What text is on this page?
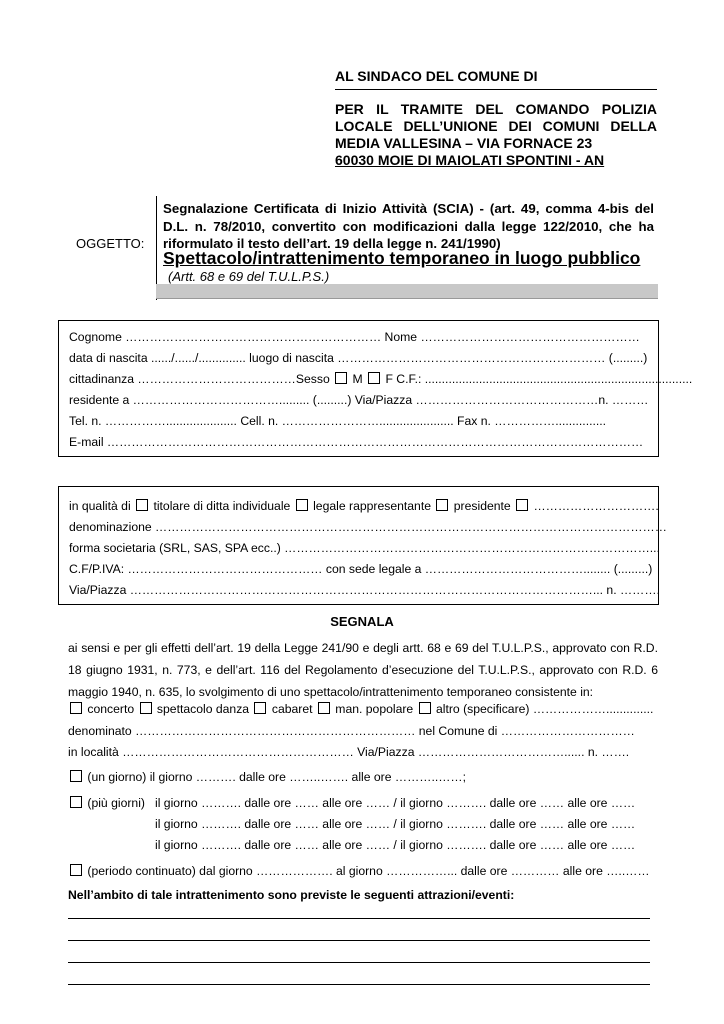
AL SINDACO DEL COMUNE DI
PER IL TRAMITE DEL COMANDO POLIZIA
LOCALE DELL’UNIONE DEI COMUNI DELLA
MEDIA VALLESINA – VIA FORNACE 23
60030 MOIE DI MAIOLATI SPONTINI - AN
OGGETTO:
Segnalazione Certificata di Inizio Attività (SCIA) - (art. 49, comma 4-bis del
D.L. n. 78/2010, convertito con modificazioni dalla legge 122/2010, che ha
riformulato il testo dell’art. 19 della legge n. 241/1990)
Spettacolo/intrattenimento temporaneo in luogo pubblico
(Artt. 68 e 69 del T.U.L.P.S.)
Cognome ……………………………………………………… Nome ………………………………………………
data di nascita ....../....../.............. luogo di nascita ………………………………………………………… (.........)
cittadinanza …………………………………Sesso M F C.F.: ...............................................................................
residente a ………………………………......... (.........) Via/Piazza ………………………………………n. ………
Tel. n. ……………..................... Cell. n. ……………………...................... Fax n. ……………...............
E-mail ……………………………………………………………………………………………………………………
in qualità di titolare di ditta individuale legale rappresentante presidente ………………………….
denominazione ………………………………………………………………………………………………………………
forma societaria (SRL, SAS, SPA ecc..) ………………………………………………………………………………...
C.F/P.IVA: ………………………………………… con sede legale a …………………………………........ (.........)
Via/Piazza ……………………………………………………………………………………………………... n. ……….
SEGNALA
ai sensi e per gli effetti dell’art. 19 della Legge 241/90 e degli artt. 68 e 69 del T.U.L.P.S., approvato con R.D.
18 giugno 1931, n. 773, e dell’art. 116 del Regolamento d’esecuzione del T.U.L.P.S., approvato con R.D. 6
maggio 1940, n. 635, lo svolgimento di uno spettacolo/intrattenimento temporaneo consistente in:
concerto spettacolo danza cabaret man. popolare altro (specificare) ………………..............
denominato …………………………………………………………… nel Comune di ……………………………
in località ………………………………………………… Via/Piazza ………………………………...... n. …….
(un giorno) il giorno ………. dalle ore ……..……. alle ore ………..……;
(più giorni) il giorno ………. dalle ore …… alle ore …… / il giorno ………. dalle ore …… alle ore ……
il giorno ………. dalle ore …… alle ore …… / il giorno ………. dalle ore …… alle ore ……
il giorno ………. dalle ore …… alle ore …… / il giorno ………. dalle ore …… alle ore ……
(periodo continuato) dal giorno ………………. al giorno ……………... dalle ore ………… alle ore …..……
Nell’ambito di tale intrattenimento sono previste le seguenti attrazioni/eventi:
